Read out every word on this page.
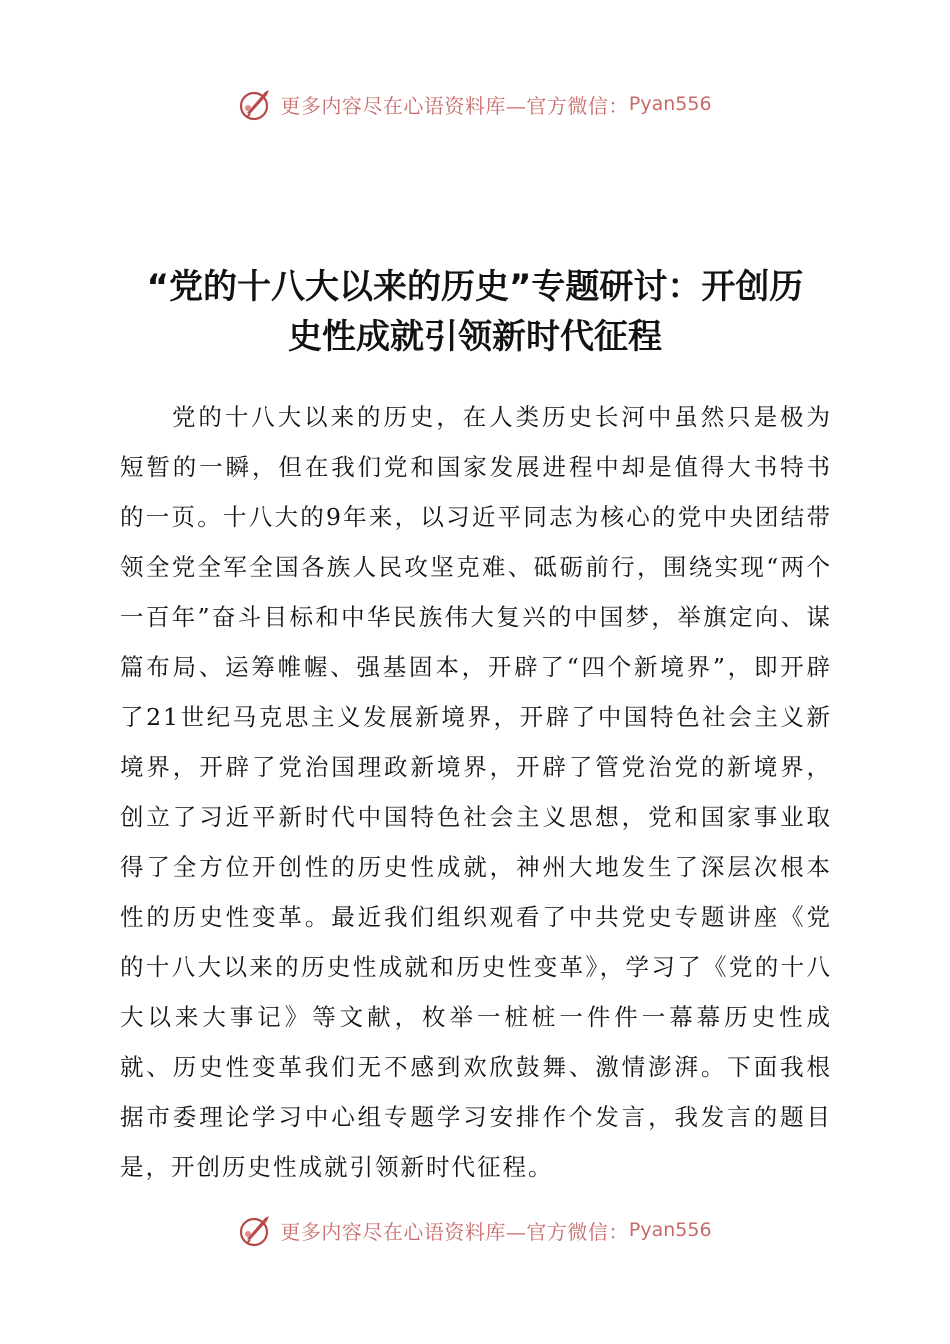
更多内容尽在心语资料库—官方微信： Pyan556
“党的十八大以来的历史”专题研讨：开创历
史性成就引领新时代征程

党的十八大以来的历史，在人类历史长河中虽然只是极为短暂的一瞬，但在我们党和国家发展进程中却是值得大书特书的一页。十八大的9年来，以习近平同志为核心的党中央团结带领全党全军全国各族人民攻坚克难、砥砺前行，围绕实现“两个一百年”奋斗目标和中华民族伟大复兴的中国梦，举旗定向、谋篇布局、运筹帷幄、强基固本，开辟了“四个新境界”，即开辟了21世纪马克思主义发展新境界，开辟了中国特色社会主义新境界，开辟了党治国理政新境界，开辟了管党治党的新境界，创立了习近平新时代中国特色社会主义思想，党和国家事业取得了全方位开创性的历史性成就，神州大地发生了深层次根本性的历史性变革。最近我们组织观看了中共党史专题讲座《党的十八大以来的历史性成就和历史性变革》，学习了《党的十八大以来大事记》等文献，枚举一桩桩一件件一幕幕历史性成就、历史性变革我们无不感到欢欣鼓舞、激情澎湃。下面我根据市委理论学习中心组专题学习安排作个发言，我发言的题目是，开创历史性成就引领新时代征程。

更多内容尽在心语资料库—官方微信： Pyan556
